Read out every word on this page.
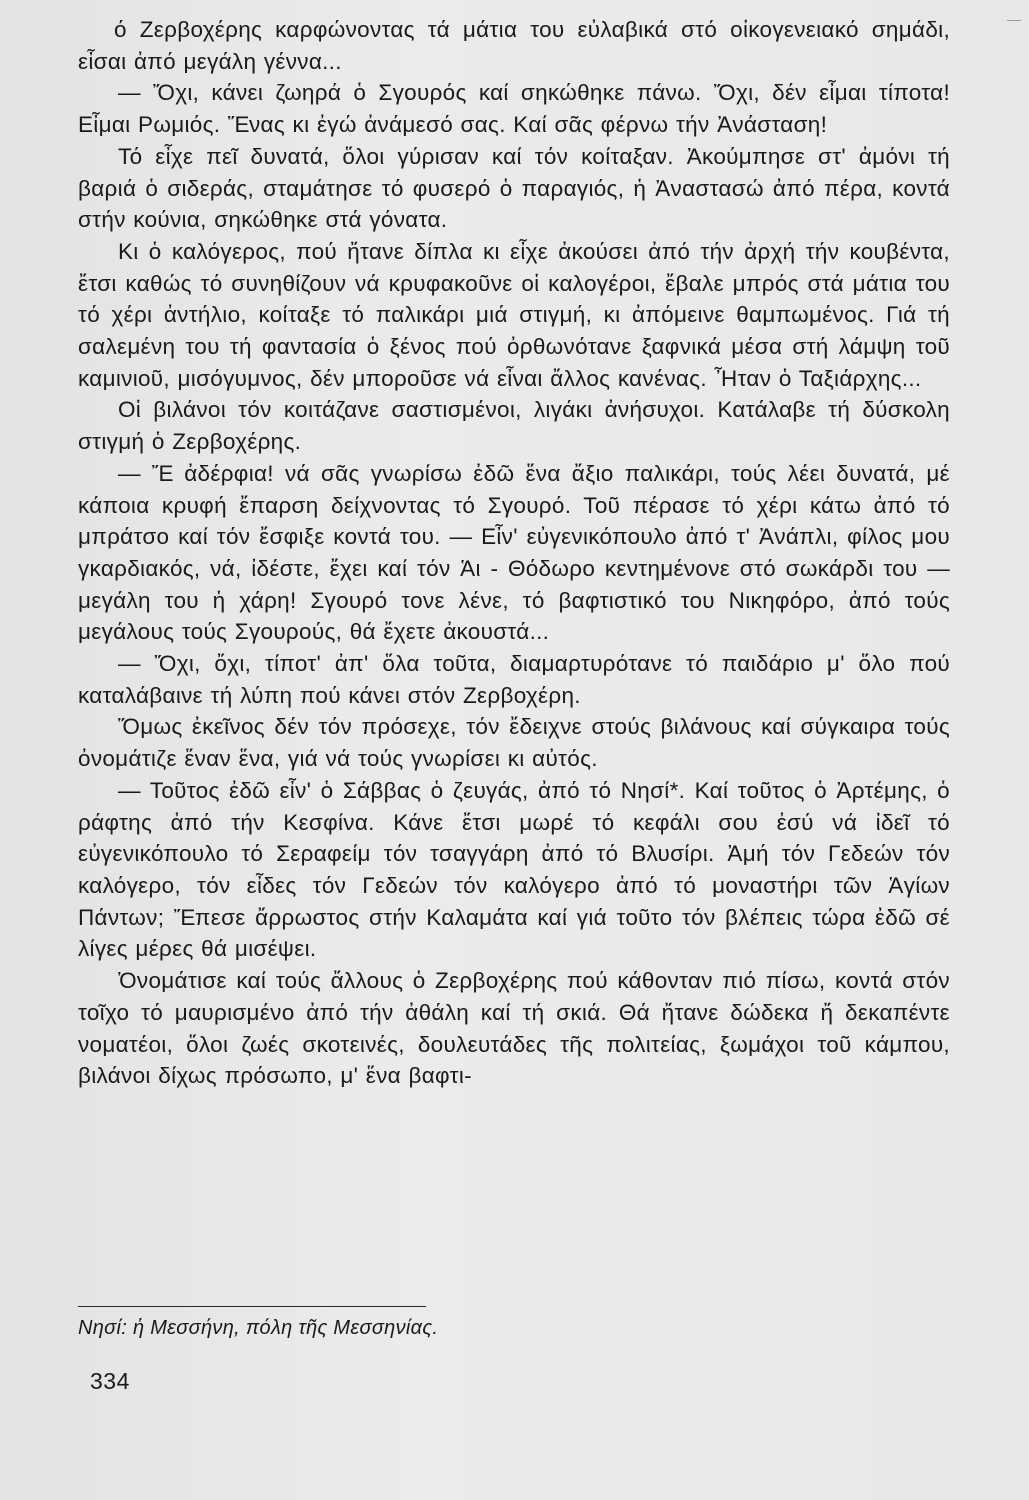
ό Ζερβοχέρης καρφώνοντας τά μάτια του εὐλαβικά στό οἰκογενειακό σημάδι, εἶσαι ἀπό μεγάλη γέννα...

— Ὄχι, κάνει ζωηρά ὁ Σγουρός καί σηκώθηκε πάνω. Ὄχι, δέν εἶμαι τίποτα! Εἶμαι Ρωμιός. Ἕνας κι ἐγώ ἀνάμεσό σας. Καί σᾶς φέρνω τήν Ἀνάσταση!

Τό εἶχε πεῖ δυνατά, ὅλοι γύρισαν καί τόν κοίταξαν. Ἀκούμπησε στ' ἀμόνι τή βαριά ὁ σιδεράς, σταμάτησε τό φυσερό ὁ παραγιός, ἡ Ἀναστασώ ἀπό πέρα, κοντά στήν κούνια, σηκώθηκε στά γόνατα.

Κι ὁ καλόγερος, πού ἤτανε δίπλα κι εἶχε ἀκούσει ἀπό τήν ἀρχή τήν κουβέντα, ἔτσι καθώς τό συνηθίζουν νά κρυφακοῦνε οἱ καλογέροι, ἔβαλε μπρός στά μάτια του τό χέρι ἀντήλιο, κοίταξε τό παλικάρι μιά στιγμή, κι ἀπόμεινε θαμπωμένος. Γιά τή σαλεμένη του τή φαντασία ὁ ξένος πού ὀρθωνότανε ξαφνικά μέσα στή λάμψη τοῦ καμινιοῦ, μισόγυμνος, δέν μποροῦσε νά εἶναι ἄλλος κανένας. Ἦταν ὁ Ταξιάρχης...

Οἱ βιλάνοι τόν κοιτάζανε σαστισμένοι, λιγάκι ἀνήσυχοι. Κατάλαβε τή δύσκολη στιγμή ὁ Ζερβοχέρης.

— Ἔ ἀδέρφια! νά σᾶς γνωρίσω ἐδῶ ἕνα ἄξιο παλικάρι, τούς λέει δυνατά, μέ κάποια κρυφή ἔπαρση δείχνοντας τό Σγουρό. Τοῦ πέρασε τό χέρι κάτω ἀπό τό μπράτσο καί τόν ἔσφιξε κοντά του. — Εἶν' εὐγενικόπουλο ἀπό τ' Ἀνάπλι, φίλος μου γκαρδιακός, νά, ἰδέστε, ἔχει καί τόν Ἁι - Θόδωρο κεντημένονε στό σωκάρδι του —μεγάλη του ἡ χάρη! Σγουρό τονε λένε, τό βαφτιστικό του Νικηφόρο, ἀπό τούς μεγάλους τούς Σγουρούς, θά ἔχετε ἀκουστά...

— Ὄχι, ὄχι, τίποτ' ἀπ' ὅλα τοῦτα, διαμαρτυρότανε τό παιδάριο μ' ὅλο πού καταλάβαινε τή λύπη πού κάνει στόν Ζερβοχέρη.

Ὅμως ἐκεῖνος δέν τόν πρόσεχε, τόν ἔδειχνε στούς βιλάνους καί σύγκαιρα τούς ὀνομάτιζε ἕναν ἕνα, γιά νά τούς γνωρίσει κι αὐτός.

— Τοῦτος ἐδῶ εἶν' ὁ Σάββας ὁ ζευγάς, ἀπό τό Νησί*. Καί τοῦτος ὁ Ἀρτέμης, ὁ ράφτης ἀπό τήν Κεσφίνα. Κάνε ἔτσι μωρέ τό κεφάλι σου ἐσύ νά ἰδεῖ τό εὐγενικόπουλο τό Σεραφείμ τόν τσαγγάρη ἀπό τό Βλυσίρι. Ἀμή τόν Γεδεών τόν καλόγερο, τόν εἶδες τόν Γεδεών τόν καλόγερο ἀπό τό μοναστήρι τῶν Ἁγίων Πάντων; Ἔπεσε ἄρρωστος στήν Καλαμάτα καί γιά τοῦτο τόν βλέπεις τώρα ἐδῶ σέ λίγες μέρες θά μισέψει.

Ὀνομάτισε καί τούς ἄλλους ὁ Ζερβοχέρης πού κάθονταν πιό πίσω, κοντά στόν τοῖχο τό μαυρισμένο ἀπό τήν ἀθάλη καί τή σκιά. Θά ἤτανε δώδεκα ἤ δεκαπέντε νοματέοι, ὅλοι ζωές σκοτεινές, δουλευτάδες τῆς πολιτείας, ξωμάχοι τοῦ κάμπου, βιλάνοι δίχως πρόσωπο, μ' ἕνα βαφτι-

Νησί: ἡ Μεσσήνη, πόλη τῆς Μεσσηνίας.
334
